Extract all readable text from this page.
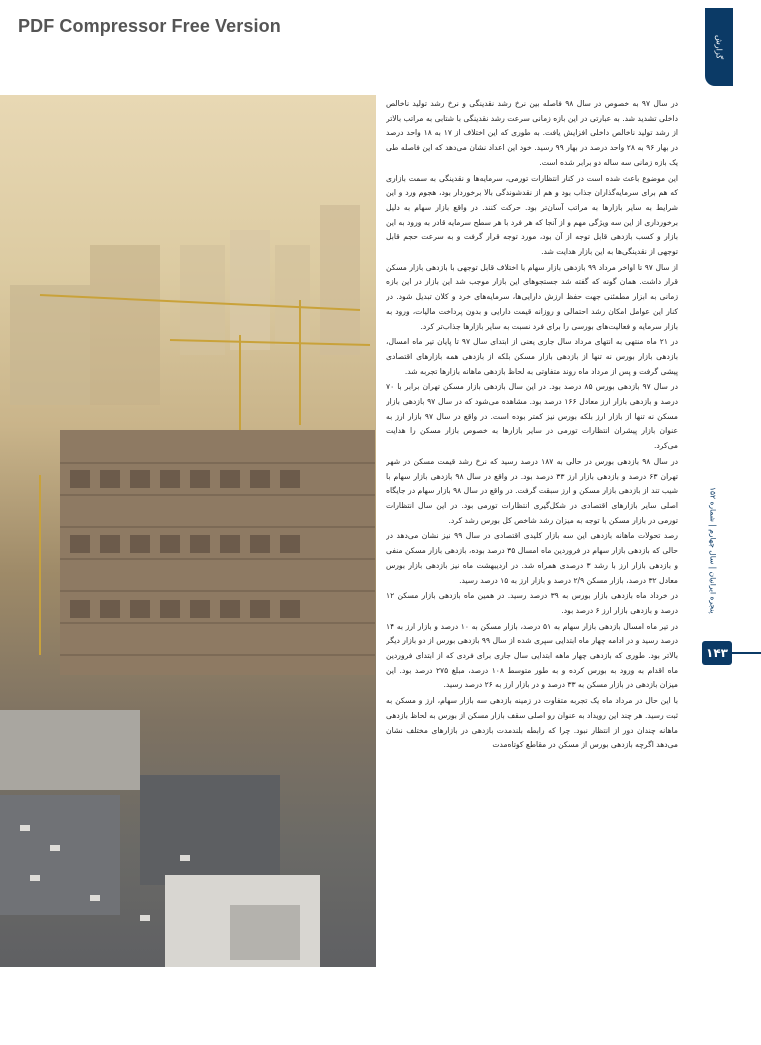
PDF Compressor Free Version
گزارش

در سال ۹۷ به خصوص در سال ۹۸ فاصله بین نرخ رشد نقدینگی و نرخ رشد تولید ناخالص داخلی تشدید شد. به عبارتی در این بازه زمانی سرعت رشد نقدینگی با شتابی به مراتب بالاتر از رشد تولید ناخالص داخلی افزایش یافت. به طوری که این اختلاف از ۱۷ به ۱۸ واحد درصد در بهار ۹۶ به ۲۸ واحد درصد در بهار ۹۹ رسید. خود این اعداد نشان می‌دهد که این فاصله طی یک بازه زمانی سه ساله دو برابر شده است.

این موضوع باعث شده است در کنار انتظارات تورمی، سرمایه‌ها و نقدینگی به سمت بازاری که هم برای سرمایه‌گذاران جذاب بود و هم از نقدشوندگی بالا برخوردار بود، هجوم ورد و این شرایط به سایر بازارها به مراتب آسان‌تر بود. حرکت کنند. در واقع بازار سهام به دلیل برخورداری از این سه ویژگی مهم و از آنجا که هر فرد با هر سطح سرمایه قادر به ورود به این بازار و کسب بازدهی قابل توجه از آن بود، مورد توجه قرار گرفت و به سرعت حجم قابل توجهی از نقدینگی‌ها به این بازار هدایت شد.

از سال ۹۷ تا اواخر مرداد ۹۹ بازدهی بازار سهام با اختلاف قابل توجهی با بازدهی بازار مسکن قرار داشت. همان گونه که گفته شد جستجوهای این بازار موجب شد این بازار در این بازه زمانی به ابزار مطمئنی جهت حفظ ارزش دارایی‌ها، سرمایه‌های خرد و کلان تبدیل شود. در کنار این عوامل امکان رشد احتمالی و روزانه قیمت دارایی و بدون پرداخت مالیات، ورود به بازار سرمایه و فعالیت‌های بورسی را برای فرد نسبت به سایر بازارها جذاب‌تر کرد.

در ۲۱ ماه منتهی به انتهای مرداد سال جاری یعنی از ابتدای سال ۹۷ تا پایان تیر ماه امسال، بازدهی بازار بورس نه تنها از بازدهی بازار مسکن بلکه از بازدهی همه بازارهای اقتصادی پیشی گرفت و پس از مرداد ماه روند متفاوتی به لحاظ بازدهی ماهانه بازارها تجربه شد.

در سال ۹۷ بازدهی بورس ۸۵ درصد بود. در این سال بازدهی بازار مسکن تهران برابر با ۷۰ درصد و بازدهی بازار ارز معادل ۱۶۶ درصد بود. مشاهده می‌شود که در سال ۹۷ بازدهی بازار مسکن نه تنها از بازار ارز بلکه بورس نیز کمتر بوده است. در واقع در سال ۹۷ بازار ارز به عنوان بازار پیشران انتظارات تورمی در سایر بازارها به خصوص بازار مسکن را هدایت می‌کرد.

در سال ۹۸ بازدهی بورس در حالی به ۱۸۷ درصد رسید که نرخ رشد قیمت مسکن در شهر تهران ۶۳ درصد و بازدهی بازار ارز ۳۳ درصد بود. در واقع در سال ۹۸ بازدهی بازار سهام با شیب تند از بازدهی بازار مسکن و ارز سبقت گرفت. در واقع در سال ۹۸ بازار سهام در جایگاه اصلی سایر بازارهای اقتصادی در شکل‌گیری انتظارات تورمی بود. در این سال انتظارات تورمی در بازار مسکن با توجه به میزان رشد شاخص کل بورس رشد کرد.

رصد تحولات ماهانه بازدهی این سه بازار کلیدی اقتصادی در سال ۹۹ نیز نشان می‌دهد در حالی که بازدهی بازار سهام در فروردین ماه امسال ۳۵ درصد بوده، بازدهی بازار مسکن منفی و بازدهی بازار ارز با رشد ۳ درصدی همراه شد. در اردیبهشت ماه نیز بازدهی بازار بورس معادل ۳۲ درصد، بازار مسکن ۲/۹ درصد و بازار ارز به ۱۵ درصد رسید.

در خرداد ماه بازدهی بازار بورس به ۳۹ درصد رسید. در همین ماه بازدهی بازار مسکن ۱۲ درصد و بازدهی بازار ارز ۶ درصد بود.

در تیر ماه امسال بازدهی بازار سهام به ۵۱ درصد، بازار مسکن به ۱۰ درصد و بازار ارز به ۱۴ درصد رسید و در ادامه چهار ماه ابتدایی سپری شده از سال ۹۹ بازدهی بورس از دو بازار دیگر بالاتر بود. طوری که بازدهی چهار ماهه ابتدایی سال جاری برای فردی که از ابتدای فروردین ماه اقدام به ورود به بورس کرده و به طور متوسط ۱۰۸ درصد، مبلغ ۲۷۵ درصد بود. این میزان بازدهی در بازار مسکن به ۳۳ درصد و در بازار ارز به ۲۶ درصد رسید.

با این حال در مرداد ماه یک تجربه متفاوت در زمینه بازدهی سه بازار سهام، ارز و مسکن به ثبت رسید. هر چند این رویداد به عنوان رو اصلی سقف بازار مسکن از بورس به لحاظ بازدهی ماهانه چندان دور از انتظار نبود. چرا که رابطه بلندمدت بازدهی در بازارهای مختلف نشان می‌دهد اگرچه بازدهی بورس از مسکن در مقاطع کوتاه‌مدت

پنجره ایرانیان | سال چهارم | شماره ۱۵۲
۱۴۳
